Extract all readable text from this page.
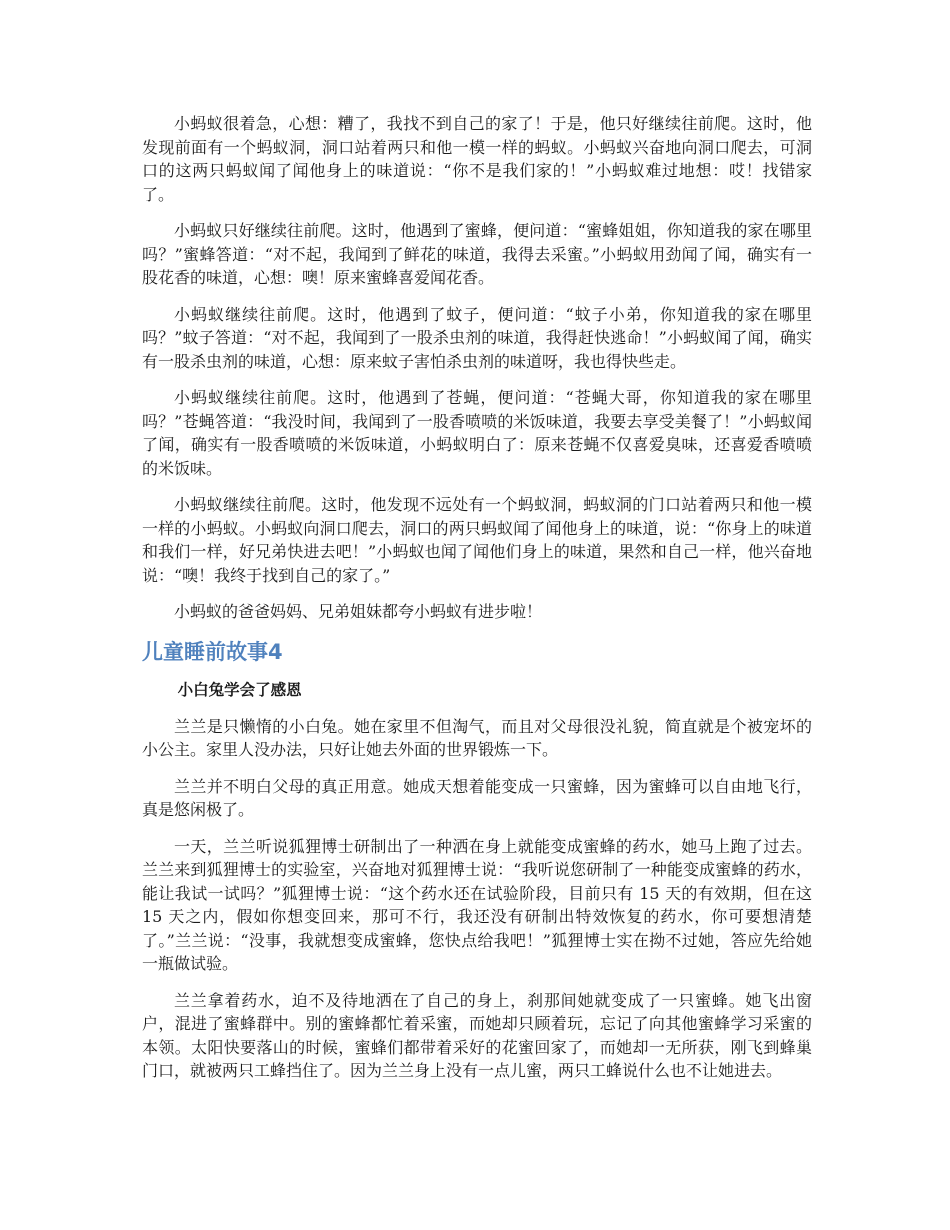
小蚂蚁很着急，心想：糟了，我找不到自己的家了！于是，他只好继续往前爬。这时，他发现前面有一个蚂蚁洞，洞口站着两只和他一模一样的蚂蚁。小蚂蚁兴奋地向洞口爬去，可洞口的这两只蚂蚁闻了闻他身上的味道说：“你不是我们家的！”小蚂蚁难过地想：哎！找错家了。

小蚂蚁只好继续往前爬。这时，他遇到了蜜蜂，便问道：“蜜蜂姐姐，你知道我的家在哪里吗？”蜜蜂答道：“对不起，我闻到了鲜花的味道，我得去采蜜。”小蚂蚁用劲闻了闻，确实有一股花香的味道，心想：噢！原来蜜蜂喜爱闻花香。

小蚂蚁继续往前爬。这时，他遇到了蚊子，便问道：“蚊子小弟，你知道我的家在哪里吗？”蚊子答道：“对不起，我闻到了一股杀虫剂的味道，我得赶快逃命！”小蚂蚁闻了闻，确实有一股杀虫剂的味道，心想：原来蚊子害怕杀虫剂的味道呀，我也得快些走。

小蚂蚁继续往前爬。这时，他遇到了苍蝇，便问道：“苍蝇大哥，你知道我的家在哪里吗？”苍蝇答道：“我没时间，我闻到了一股香喷喷的米饭味道，我要去享受美餐了！”小蚂蚁闻了闻，确实有一股香喷喷的米饭味道，小蚂蚁明白了：原来苍蝇不仅喜爱臭味，还喜爱香喷喷的米饭味。

小蚂蚁继续往前爬。这时，他发现不远处有一个蚂蚁洞，蚂蚁洞的门口站着两只和他一模一样的小蚂蚁。小蚂蚁向洞口爬去，洞口的两只蚂蚁闻了闻他身上的味道，说：“你身上的味道和我们一样，好兄弟快进去吧！”小蚂蚁也闻了闻他们身上的味道，果然和自己一样，他兴奋地说：“噢！我终于找到自己的家了。”

小蚂蚁的爸爸妈妈、兄弟姐妹都夸小蚂蚁有进步啦！

儿童睡前故事4

小白兔学会了感恩

兰兰是只懒惰的小白兔。她在家里不但淘气，而且对父母很没礼貌，简直就是个被宠坏的小公主。家里人没办法，只好让她去外面的世界锻炼一下。

兰兰并不明白父母的真正用意。她成天想着能变成一只蜜蜂，因为蜜蜂可以自由地飞行，真是悠闲极了。

一天，兰兰听说狐狸博士研制出了一种洒在身上就能变成蜜蜂的药水，她马上跑了过去。兰兰来到狐狸博士的实验室，兴奋地对狐狸博士说：“我听说您研制了一种能变成蜜蜂的药水，能让我试一试吗？”狐狸博士说：“这个药水还在试验阶段，目前只有 15 天的有效期，但在这 15 天之内，假如你想变回来，那可不行，我还没有研制出特效恢复的药水，你可要想清楚了。”兰兰说：“没事，我就想变成蜜蜂，您快点给我吧！”狐狸博士实在拗不过她，答应先给她一瓶做试验。

兰兰拿着药水，迫不及待地洒在了自己的身上，刹那间她就变成了一只蜜蜂。她飞出窗户，混进了蜜蜂群中。别的蜜蜂都忙着采蜜，而她却只顾着玩，忘记了向其他蜜蜂学习采蜜的本领。太阳快要落山的时候，蜜蜂们都带着采好的花蜜回家了，而她却一无所获，刚飞到蜂巢门口，就被两只工蜂挡住了。因为兰兰身上没有一点儿蜜，两只工蜂说什么也不让她进去。
